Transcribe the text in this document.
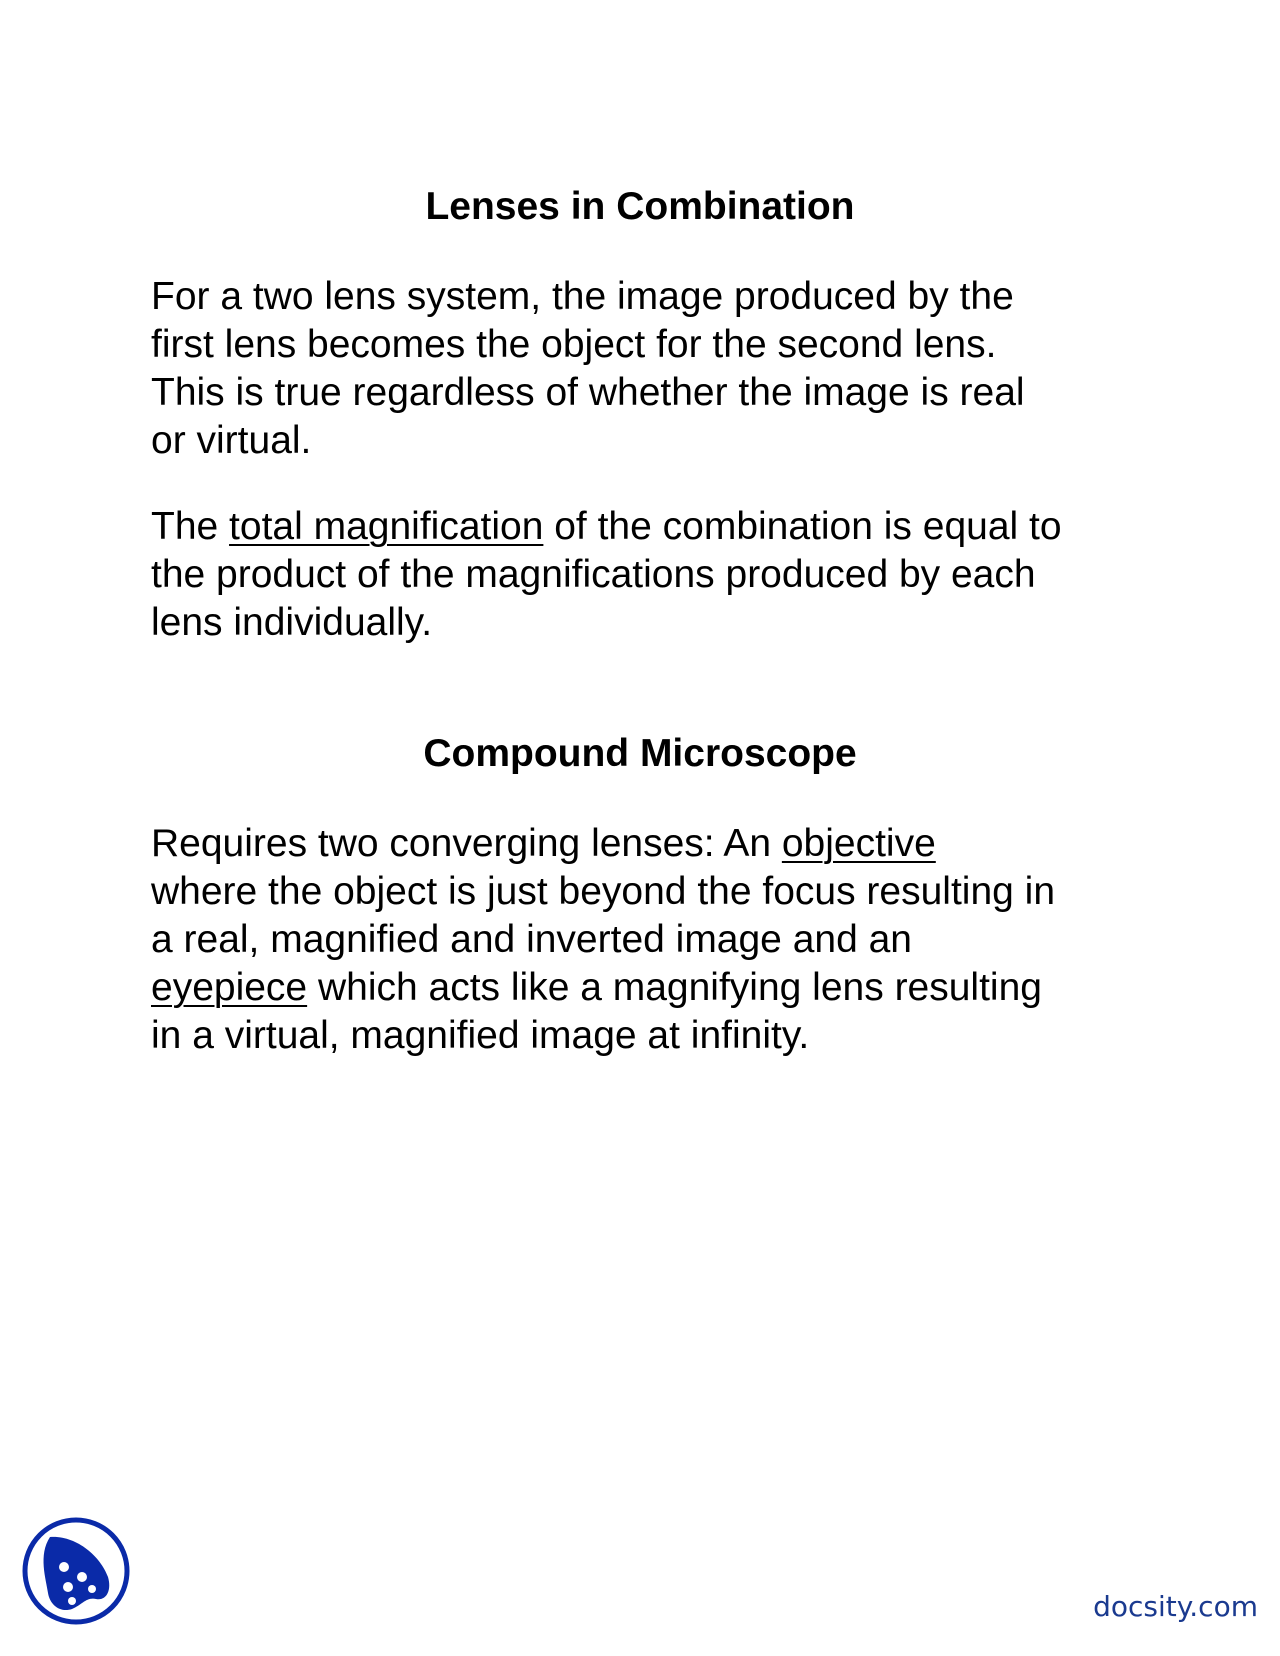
Lenses in Combination

For a two lens system, the image produced by the
first lens becomes the object for the second lens.
This is true regardless of whether the image is real
or virtual.

The total magnification of the combination is equal to
the product of the magnifications produced by each
lens individually.

Compound Microscope

Requires two converging lenses: An objective
where the object is just beyond the focus resulting in
a real, magnified and inverted image and an
eyepiece which acts like a magnifying lens resulting
in a virtual, magnified image at infinity.

docsity.com
